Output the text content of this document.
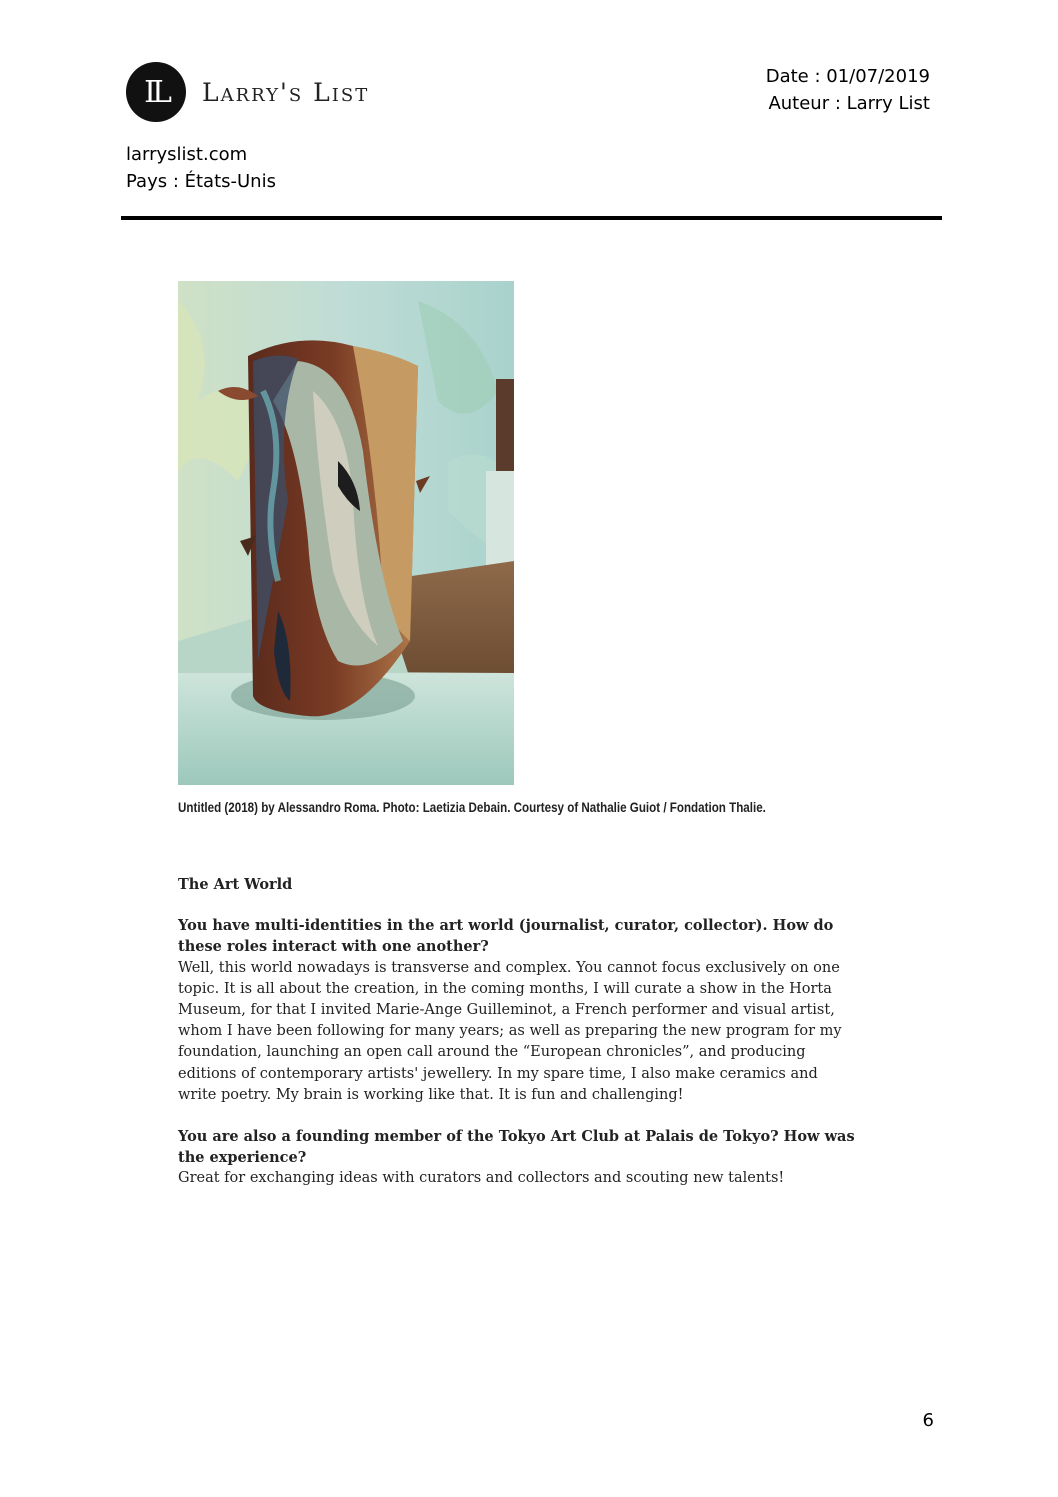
IL	Larry's List
Date : 01/07/2019
Auteur : Larry List
larryslist.com
Pays : États-Unis
Untitled (2018) by Alessandro Roma. Photo: Laetizia Debain. Courtesy of Nathalie Guiot / Fondation Thalie.

The Art World

You have multi-identities in the art world (journalist, curator, collector). How do these roles interact with one another?

Well, this world nowadays is transverse and complex. You cannot focus exclusively on one topic. It is all about the creation, in the coming months, I will curate a show in the Horta Museum, for that I invited Marie-Ange Guilleminot, a French performer and visual artist, whom I have been following for many years; as well as preparing the new program for my foundation, launching an open call around the “European chronicles”, and producing editions of contemporary artists' jewellery. In my spare time, I also make ceramics and write poetry. My brain is working like that. It is fun and challenging!

You are also a founding member of the Tokyo Art Club at Palais de Tokyo? How was the experience?

Great for exchanging ideas with curators and collectors and scouting new talents!

6
